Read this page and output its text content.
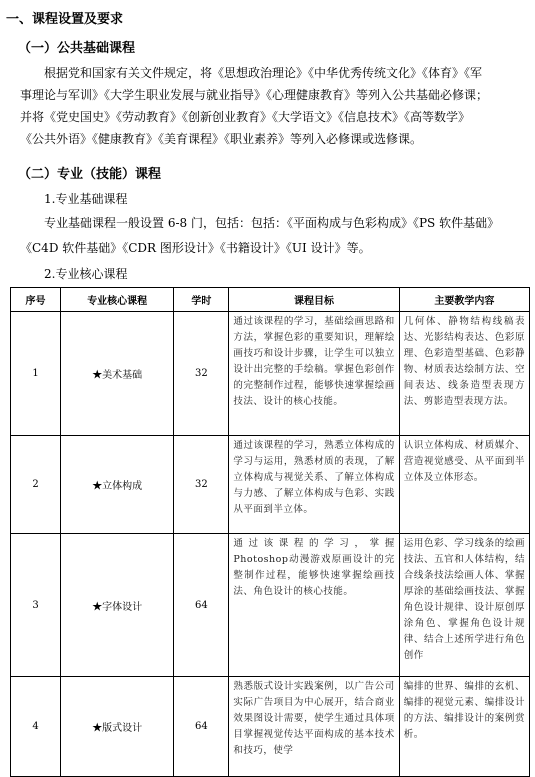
一、课程设置及要求
（一）公共基础课程
根据党和国家有关文件规定，将《思想政治理论》《中华优秀传统文化》《体育》《军
事理论与军训》《大学生职业发展与就业指导》《心理健康教育》等列入公共基础必修课；
并将《党史国史》《劳动教育》《创新创业教育》《大学语文》《信息技术》《高等数学》
《公共外语》《健康教育》《美育课程》《职业素养》等列入必修课或选修课。
（二）专业（技能）课程
1.专业基础课程
专业基础课程一般设置 6-8 门，包括：包括：《平面构成与色彩构成》《PS 软件基础》
《C4D 软件基础》《CDR 图形设计》《书籍设计》《UI 设计》等。
2.专业核心课程
序号	专业核心课程	学时	课程目标	主要教学内容
1	★美术基础	32	通过该课程的学习，基础绘画思路和方法，掌握色彩的重要知识，理解绘画技巧和设计步骤，让学生可以独立设计出完整的手绘稿。掌握色彩创作的完整制作过程，能够快速掌握绘画技法、设计的核心技能。	几何体、静物结构线稿表达、光影结构表达、色彩原理、色彩造型基础、色彩静物、材质表达绘制方法、空间表达、线条造型表现方法、剪影造型表现方法。
2	★立体构成	32	通过该课程的学习，熟悉立体构成的学习与运用，熟悉材质的表现，了解立体构成与视觉关系、了解立体构成与力感、了解立体构成与色彩、实践从平面到半立体。	认识立体构成、材质媒介、营造视觉感受、从平面到半立体及立体形态。
3	★字体设计	64	通过该课程的学习，掌握Photoshop动漫游戏原画设计的完整制作过程，能够快速掌握绘画技法、角色设计的核心技能。	运用色彩、学习线条的绘画技法、五官和人体结构，结合线条技法绘画人体、掌握厚涂的基础绘画技法、掌握角色设计规律、设计原创厚涂角色、掌握角色设计规律、结合上述所学进行角色创作
4	★版式设计	64	熟悉版式设计实践案例，以广告公司实际广告项目为中心展开，结合商业效果图设计需要，使学生通过具体项目掌握视觉传达平面构成的基本技术和技巧，使学	编排的世界、编排的玄机、编排的视觉元素、编排设计的方法、编排设计的案例赏析。
